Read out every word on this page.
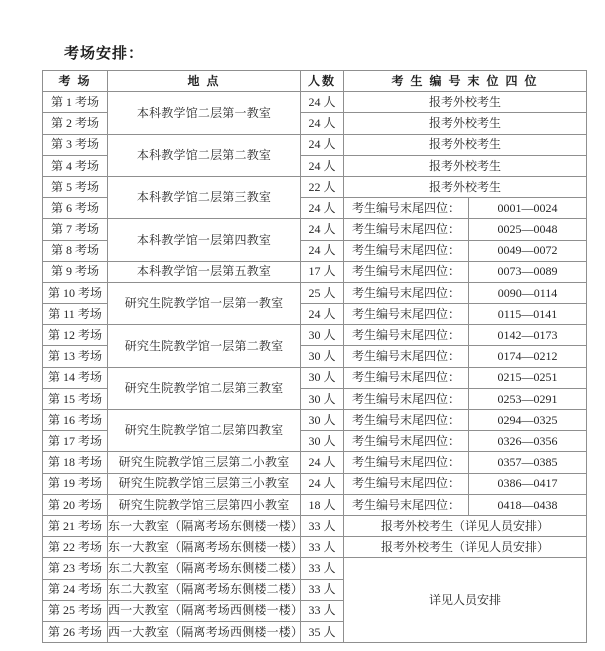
考场安排：
考 场	地 点	人数	考 生 编 号 末 位 四 位	
第 1 考场	本科教学馆二层第一教室	24 人	报考外校考生	
第 2 考场		24 人	报考外校考生	
第 3 考场	本科教学馆二层第二教室	24 人	报考外校考生	
第 4 考场		24 人	报考外校考生	
第 5 考场	本科教学馆二层第三教室	22 人	报考外校考生	
第 6 考场		24 人	考生编号末尾四位：	0001—0024
第 7 考场	本科教学馆一层第四教室	24 人	考生编号末尾四位：	0025—0048
第 8 考场		24 人	考生编号末尾四位：	0049—0072
第 9 考场	本科教学馆一层第五教室	17 人	考生编号末尾四位：	0073—0089
第 10 考场	研究生院教学馆一层第一教室	25 人	考生编号末尾四位：	0090—0114
第 11 考场		24 人	考生编号末尾四位：	0115—0141
第 12 考场	研究生院教学馆一层第二教室	30 人	考生编号末尾四位：	0142—0173
第 13 考场		30 人	考生编号末尾四位：	0174—0212
第 14 考场	研究生院教学馆二层第三教室	30 人	考生编号末尾四位：	0215—0251
第 15 考场		30 人	考生编号末尾四位：	0253—0291
第 16 考场	研究生院教学馆二层第四教室	30 人	考生编号末尾四位：	0294—0325
第 17 考场		30 人	考生编号末尾四位：	0326—0356
第 18 考场	研究生院教学馆三层第二小教室	24 人	考生编号末尾四位：	0357—0385
第 19 考场	研究生院教学馆三层第三小教室	24 人	考生编号末尾四位：	0386—0417
第 20 考场	研究生院教学馆三层第四小教室	18 人	考生编号末尾四位：	0418—0438
第 21 考场	东一大教室（隔离考场东侧楼一楼）	33 人	报考外校考生（详见人员安排）	
第 22 考场	东一大教室（隔离考场东侧楼一楼）	33 人	报考外校考生（详见人员安排）	
第 23 考场	东二大教室（隔离考场东侧楼二楼）	33 人	详见人员安排	
第 24 考场	东二大教室（隔离考场东侧楼二楼）	33 人		
第 25 考场	西一大教室（隔离考场西侧楼一楼）	33 人		
第 26 考场	西一大教室（隔离考场西侧楼一楼）	35 人		
